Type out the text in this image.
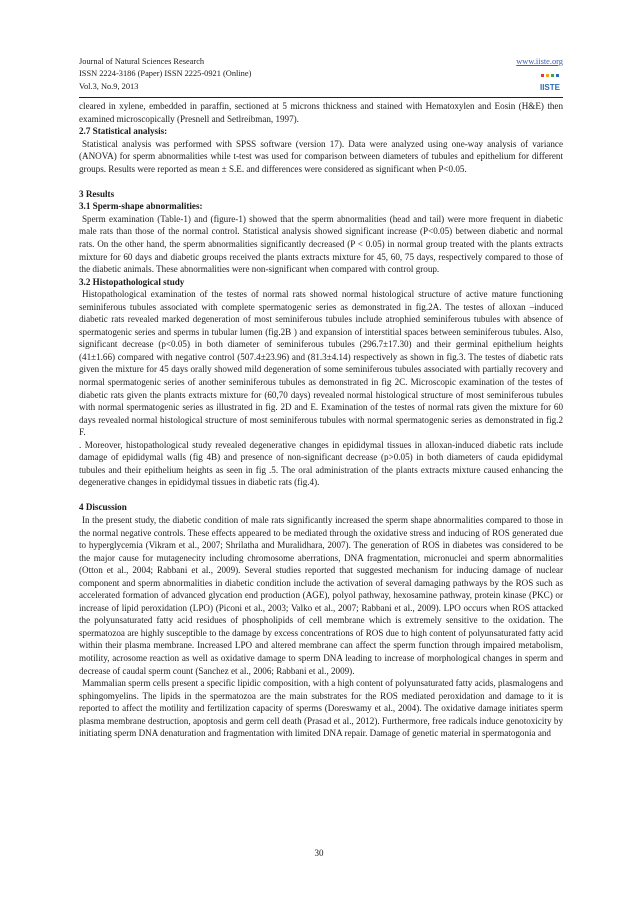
Journal of Natural Sciences Research
ISSN 2224-3186 (Paper) ISSN 2225-0921 (Online)
Vol.3, No.9, 2013
www.iiste.org
IISTE

cleared in xylene, embedded in paraffin, sectioned at 5 microns thickness and stained with Hematoxylen and Eosin (H&E) then examined microscopically (Presnell and Setlreibman, 1997).

2.7 Statistical analysis:

Statistical analysis was performed with SPSS software (version 17). Data were analyzed using one-way analysis of variance (ANOVA) for sperm abnormalities while t-test was used for comparison between diameters of tubules and epithelium for different groups. Results were reported as mean ± S.E. and differences were considered as significant when P<0.05.

3 Results
3.1 Sperm-shape abnormalities:

Sperm examination (Table-1) and (figure-1) showed that the sperm abnormalities (head and tail) were more frequent in diabetic male rats than those of the normal control. Statistical analysis showed significant increase (P<0.05) between diabetic and normal rats. On the other hand, the sperm abnormalities significantly decreased (P < 0.05) in normal group treated with the plants extracts mixture for 60 days and diabetic groups received the plants extracts mixture for 45, 60, 75 days, respectively compared to those of the diabetic animals. These abnormalities were non-significant when compared with control group.

3.2 Histopathological study

Histopathological examination of the testes of normal rats showed normal histological structure of active mature functioning seminiferous tubules associated with complete spermatogenic series as demonstrated in fig.2A. The testes of alloxan –induced diabetic rats revealed marked degeneration of most seminiferous tubules include atrophied seminiferous tubules with absence of spermatogenic series and sperms in tubular lumen (fig.2B ) and expansion of interstitial spaces between seminiferous tubules. Also, significant decrease (p<0.05) in both diameter of seminiferous tubules (296.7±17.30) and their germinal epithelium heights (41±1.66) compared with negative control (507.4±23.96) and (81.3±4.14) respectively as shown in fig.3. The testes of diabetic rats given the mixture for 45 days orally showed mild degeneration of some seminiferous tubules associated with partially recovery and normal spermatogenic series of another seminiferous tubules as demonstrated in fig 2C. Microscopic examination of the testes of diabetic rats given the plants extracts mixture for (60,70 days) revealed normal histological structure of most seminiferous tubules with normal spermatogenic series as illustrated in fig. 2D and E. Examination of the testes of normal rats given the mixture for 60 days revealed normal histological structure of most seminiferous tubules with normal spermatogenic series as demonstrated in fig.2 F.

. Moreover, histopathological study revealed degenerative changes in epididymal tissues in alloxan-induced diabetic rats include damage of epididymal walls (fig 4B) and presence of non-significant decrease (p>0.05) in both diameters of cauda epididymal tubules and their epithelium heights as seen in fig .5. The oral administration of the plants extracts mixture caused enhancing the degenerative changes in epididymal tissues in diabetic rats (fig.4).

4 Discussion

In the present study, the diabetic condition of male rats significantly increased the sperm shape abnormalities compared to those in the normal negative controls. These effects appeared to be mediated through the oxidative stress and inducing of ROS generated due to hyperglycemia (Vikram et al., 2007; Shrilatha and Muralidhara, 2007). The generation of ROS in diabetes was considered to be the major cause for mutagenecity including chromosome aberrations, DNA fragmentation, micronuclei and sperm abnormalities (Otton et al., 2004; Rabbani et al., 2009). Several studies reported that suggested mechanism for inducing damage of nuclear component and sperm abnormalities in diabetic condition include the activation of several damaging pathways by the ROS such as accelerated formation of advanced glycation end production (AGE), polyol pathway, hexosamine pathway, protein kinase (PKC) or increase of lipid peroxidation (LPO) (Piconi et al., 2003; Valko et al., 2007; Rabbani et al., 2009). LPO occurs when ROS attacked the polyunsaturated fatty acid residues of phospholipids of cell membrane which is extremely sensitive to the oxidation. The spermatozoa are highly susceptible to the damage by excess concentrations of ROS due to high content of polyunsaturated fatty acid within their plasma membrane. Increased LPO and altered membrane can affect the sperm function through impaired metabolism, motility, acrosome reaction as well as oxidative damage to sperm DNA leading to increase of morphological changes in sperm and decrease of caudal sperm count (Sanchez et al., 2006; Rabbani et al., 2009).

Mammalian sperm cells present a specific lipidic composition, with a high content of polyunsaturated fatty acids, plasmalogens and sphingomyelins. The lipids in the spermatozoa are the main substrates for the ROS mediated peroxidation and damage to it is reported to affect the motility and fertilization capacity of sperms (Doreswamy et al., 2004). The oxidative damage initiates sperm plasma membrane destruction, apoptosis and germ cell death (Prasad et al., 2012). Furthermore, free radicals induce genotoxicity by initiating sperm DNA denaturation and fragmentation with limited DNA repair. Damage of genetic material in spermatogonia and

30
